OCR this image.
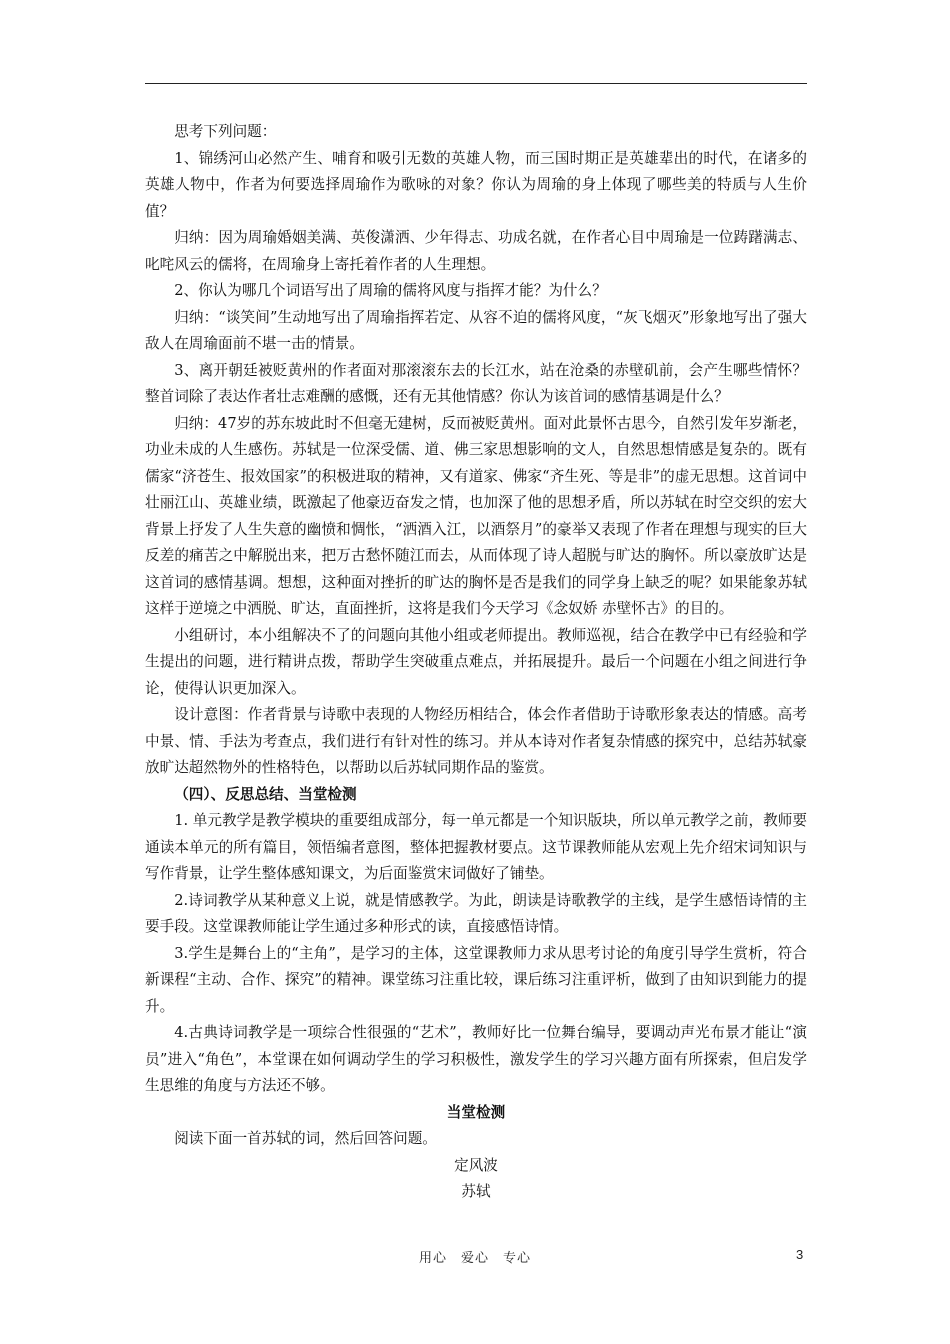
思考下列问题：

1、锦绣河山必然产生、哺育和吸引无数的英雄人物，而三国时期正是英雄辈出的时代，在诸多的英雄人物中，作者为何要选择周瑜作为歌咏的对象？你认为周瑜的身上体现了哪些美的特质与人生价值？

归纳：因为周瑜婚姻美满、英俊潇洒、少年得志、功成名就，在作者心目中周瑜是一位踌躇满志、叱咤风云的儒将，在周瑜身上寄托着作者的人生理想。

2、你认为哪几个词语写出了周瑜的儒将风度与指挥才能？为什么？

归纳：“谈笑间”生动地写出了周瑜指挥若定、从容不迫的儒将风度，“灰飞烟灭”形象地写出了强大敌人在周瑜面前不堪一击的情景。

3、离开朝廷被贬黄州的作者面对那滚滚东去的长江水，站在沧桑的赤壁矶前，会产生哪些情怀？整首词除了表达作者壮志难酬的感慨，还有无其他情感？你认为该首词的感情基调是什么？

归纳：47岁的苏东坡此时不但毫无建树，反而被贬黄州。面对此景怀古思今，自然引发年岁渐老，功业未成的人生感伤。苏轼是一位深受儒、道、佛三家思想影响的文人，自然思想情感是复杂的。既有儒家“济苍生、报效国家”的积极进取的精神，又有道家、佛家“齐生死、等是非”的虚无思想。这首词中壮丽江山、英雄业绩，既激起了他豪迈奋发之情，也加深了他的思想矛盾，所以苏轼在时空交织的宏大背景上抒发了人生失意的幽愤和惆怅，“洒酒入江，以酒祭月”的豪举又表现了作者在理想与现实的巨大反差的痛苦之中解脱出来，把万古愁怀随江而去，从而体现了诗人超脱与旷达的胸怀。所以豪放旷达是这首词的感情基调。想想，这种面对挫折的旷达的胸怀是否是我们的同学身上缺乏的呢？如果能象苏轼这样于逆境之中洒脱、旷达，直面挫折，这将是我们今天学习《念奴娇 赤壁怀古》的目的。

小组研讨，本小组解决不了的问题向其他小组或老师提出。教师巡视，结合在教学中已有经验和学生提出的问题，进行精讲点拨，帮助学生突破重点难点，并拓展提升。最后一个问题在小组之间进行争论，使得认识更加深入。

设计意图：作者背景与诗歌中表现的人物经历相结合，体会作者借助于诗歌形象表达的情感。高考中景、情、手法为考查点，我们进行有针对性的练习。并从本诗对作者复杂情感的探究中，总结苏轼豪放旷达超然物外的性格特色，以帮助以后苏轼同期作品的鉴赏。

（四）、反思总结、当堂检测

1. 单元教学是教学模块的重要组成部分，每一单元都是一个知识版块，所以单元教学之前，教师要通读本单元的所有篇目，领悟编者意图，整体把握教材要点。这节课教师能从宏观上先介绍宋词知识与写作背景，让学生整体感知课文，为后面鉴赏宋词做好了铺垫。

2.诗词教学从某种意义上说，就是情感教学。为此，朗读是诗歌教学的主线，是学生感悟诗情的主要手段。这堂课教师能让学生通过多种形式的读，直接感悟诗情。

3.学生是舞台上的“主角”，是学习的主体，这堂课教师力求从思考讨论的角度引导学生赏析，符合新课程“主动、合作、探究”的精神。课堂练习注重比较，课后练习注重评析，做到了由知识到能力的提升。

4.古典诗词教学是一项综合性很强的“艺术”，教师好比一位舞台编导，要调动声光布景才能让“演员”进入“角色”，本堂课在如何调动学生的学习积极性，激发学生的学习兴趣方面有所探索，但启发学生思维的角度与方法还不够。

当堂检测

阅读下面一首苏轼的词，然后回答问题。

定风波

苏轼

用心　爱心　专心	3
